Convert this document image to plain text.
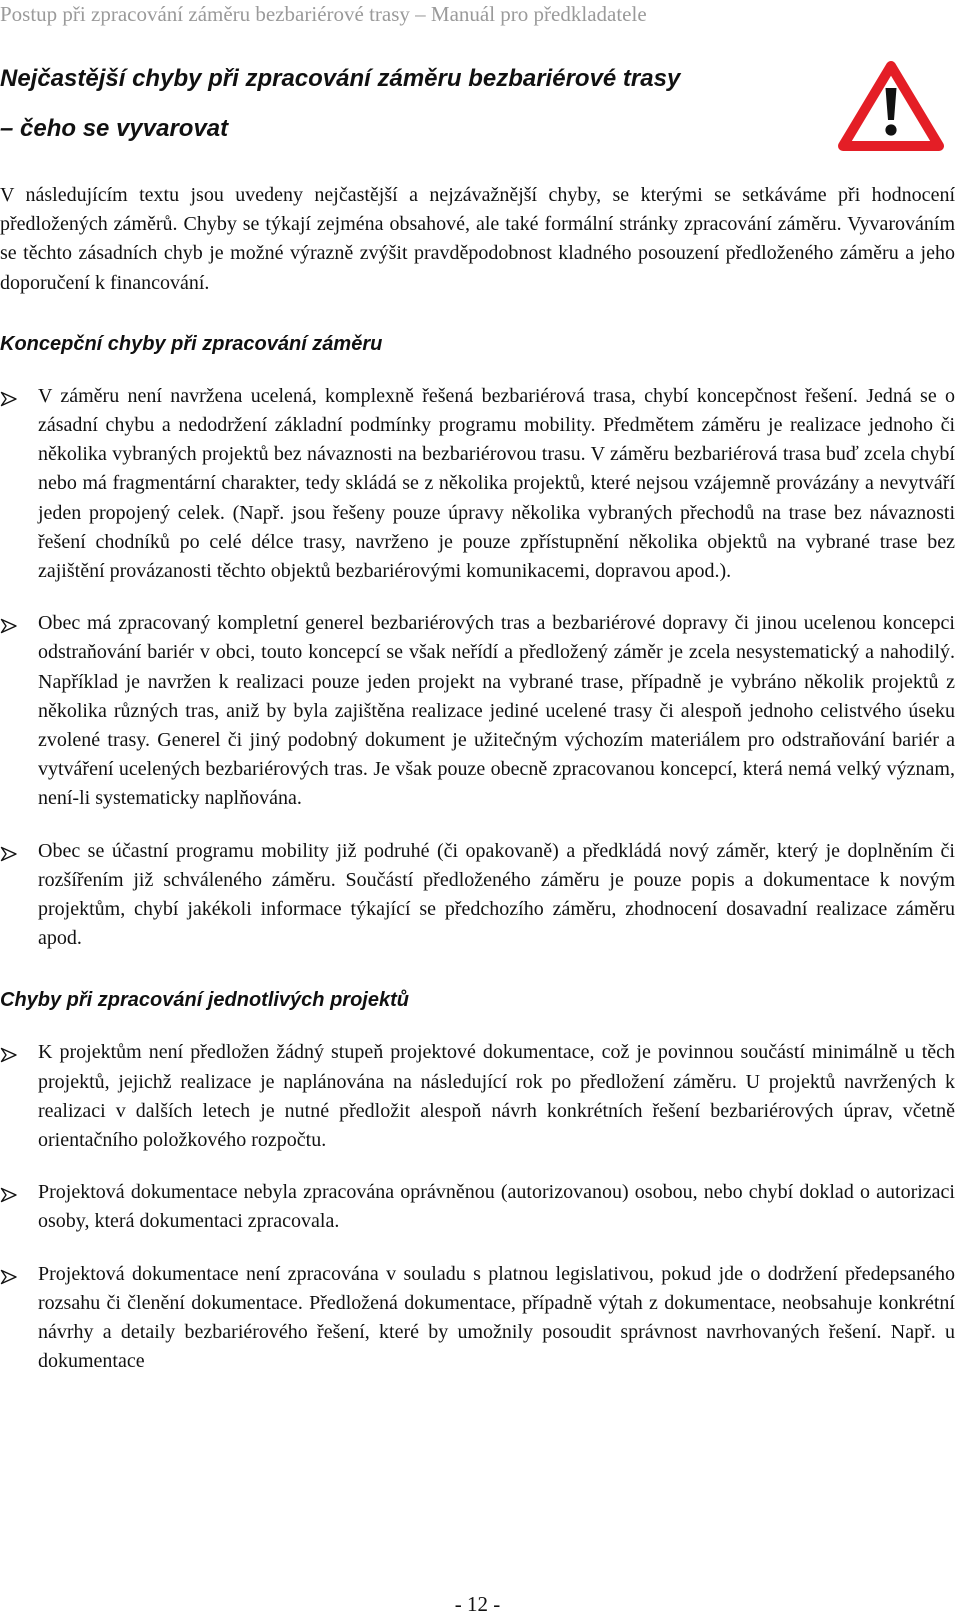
Postup při zpracování záměru bezbariérové trasy – Manuál pro předkladatele
Nejčastější chyby při zpracování záměru bezbariérové trasy
– čeho se vyvarovat

V následujícím textu jsou uvedeny nejčastější a nejzávažnější chyby, se kterými se setkáváme při hodnocení předložených záměrů. Chyby se týkají zejména obsahové, ale také formální stránky zpracování záměru. Vyvarováním se těchto zásadních chyb je možné výrazně zvýšit pravděpodobnost kladného posouzení předloženého záměru a jeho doporučení k financování.

Koncepční chyby při zpracování záměru
V záměru není navržena ucelená, komplexně řešená bezbariérová trasa, chybí koncepčnost řešení. Jedná se o zásadní chybu a nedodržení základní podmínky programu mobility. Předmětem záměru je realizace jednoho či několika vybraných projektů bez návaznosti na bezbariérovou trasu. V záměru bezbariérová trasa buď zcela chybí nebo má fragmentární charakter, tedy skládá se z několika projektů, které nejsou vzájemně provázány a nevytváří jeden propojený celek. (Např. jsou řešeny pouze úpravy několika vybraných přechodů na trase bez návaznosti řešení chodníků po celé délce trasy, navrženo je pouze zpřístupnění několika objektů na vybrané trase bez zajištění provázanosti těchto objektů bezbariérovými komunikacemi, dopravou apod.).
Obec má zpracovaný kompletní generel bezbariérových tras a bezbariérové dopravy či jinou ucelenou koncepci odstraňování bariér v obci, touto koncepcí se však neřídí a předložený záměr je zcela nesystematický a nahodilý. Například je navržen k realizaci pouze jeden projekt na vybrané trase, případně je vybráno několik projektů z několika různých tras, aniž by byla zajištěna realizace jediné ucelené trasy či alespoň jednoho celistvého úseku zvolené trasy. Generel či jiný podobný dokument je užitečným výchozím materiálem pro odstraňování bariér a vytváření ucelených bezbariérových tras. Je však pouze obecně zpracovanou koncepcí, která nemá velký význam, není-li systematicky naplňována.
Obec se účastní programu mobility již podruhé (či opakovaně) a předkládá nový záměr, který je doplněním či rozšířením již schváleného záměru. Součástí předloženého záměru je pouze popis a dokumentace k novým projektům, chybí jakékoli informace týkající se předchozího záměru, zhodnocení dosavadní realizace záměru apod.
Chyby při zpracování jednotlivých projektů
K projektům není předložen žádný stupeň projektové dokumentace, což je povinnou součástí minimálně u těch projektů, jejichž realizace je naplánována na následující rok po předložení záměru. U projektů navržených k realizaci v dalších letech je nutné předložit alespoň návrh konkrétních řešení bezbariérových úprav, včetně orientačního položkového rozpočtu.
Projektová dokumentace nebyla zpracována oprávněnou (autorizovanou) osobou, nebo chybí doklad o autorizaci osoby, která dokumentaci zpracovala.
Projektová dokumentace není zpracována v souladu s platnou legislativou, pokud jde o dodržení předepsaného rozsahu či členění dokumentace. Předložená dokumentace, případně výtah z dokumentace, neobsahuje konkrétní návrhy a detaily bezbariérového řešení, které by umožnily posoudit správnost navrhovaných řešení. Např. u dokumentace
- 12 -
